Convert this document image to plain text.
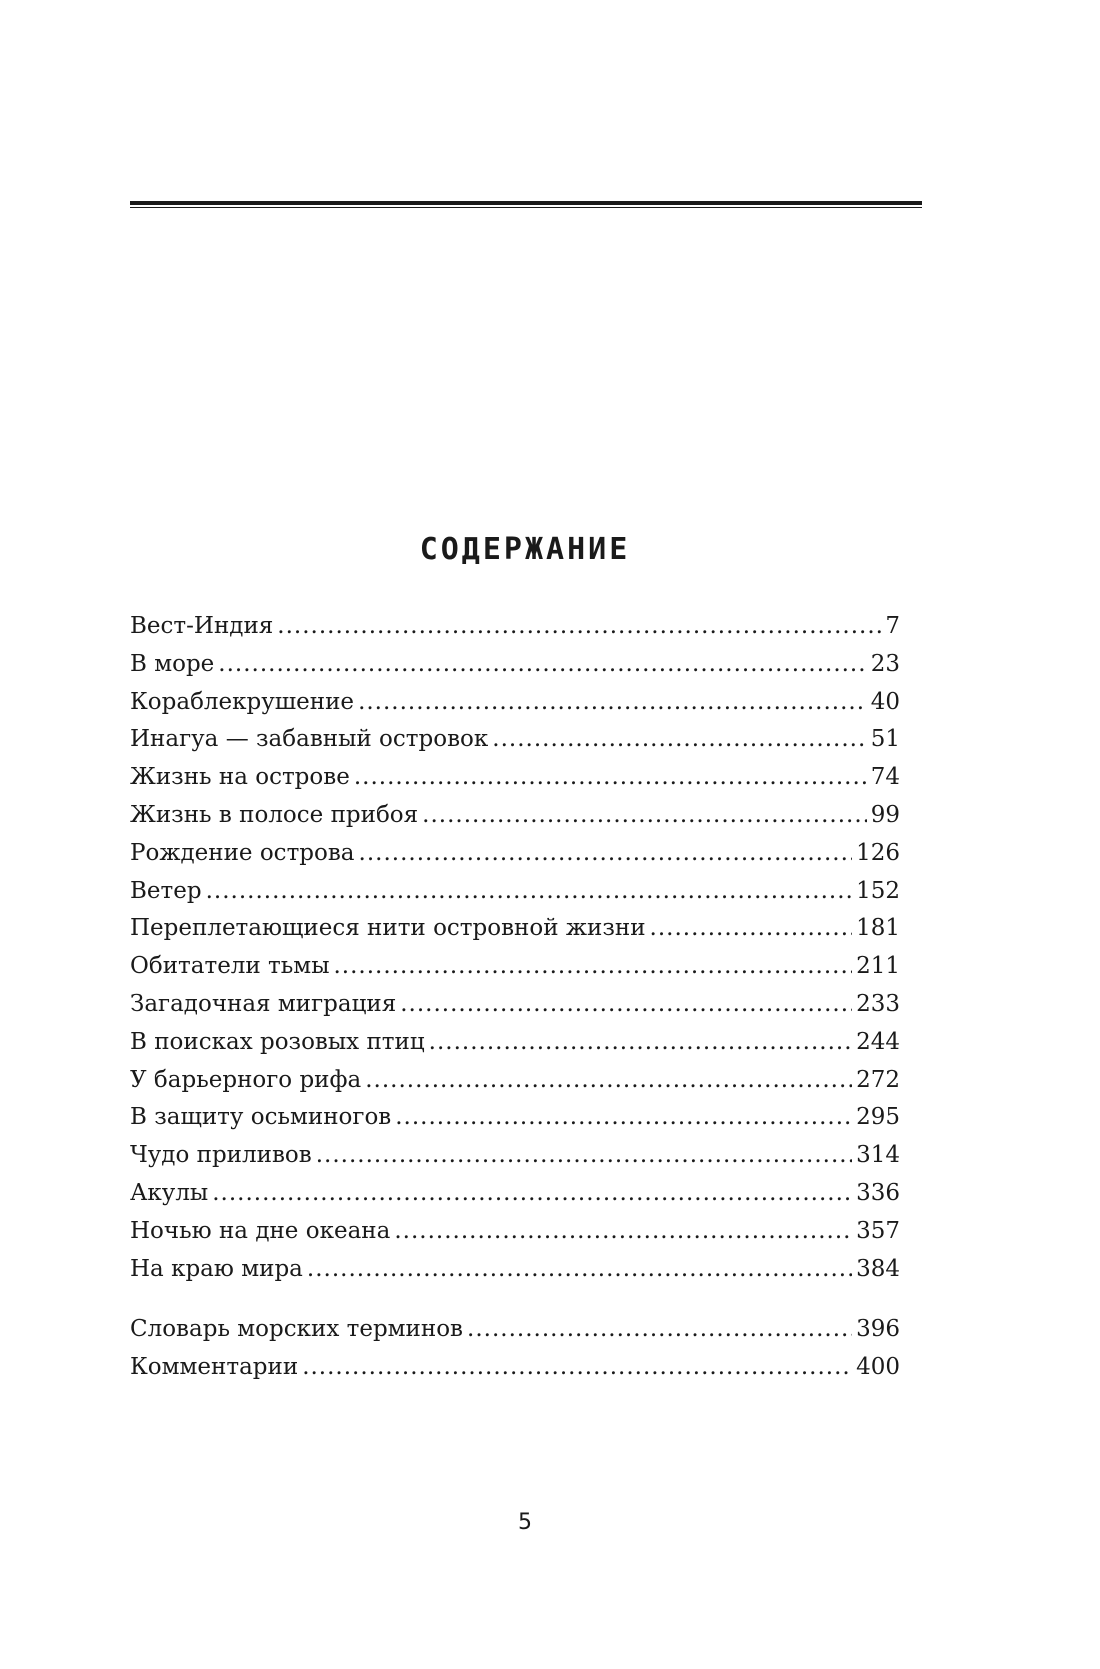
СОДЕРЖАНИЕ
Вест-Индия .....	7
В море .....	23
Кораблекрушение .....	40
Инагуа — забавный островок .....	51
Жизнь на острове .....	74
Жизнь в полосе прибоя .....	99
Рождение острова .....	126
Ветер .....	152
Переплетающиеся нити островной жизни .....	181
Обитатели тьмы .....	211
Загадочная миграция .....	233
В поисках розовых птиц .....	244
У барьерного рифа .....	272
В защиту осьминогов .....	295
Чудо приливов .....	314
Акулы .....	336
Ночью на дне океана .....	357
На краю мира .....	384
Словарь морских терминов .....	396
Комментарии .....	400
5
